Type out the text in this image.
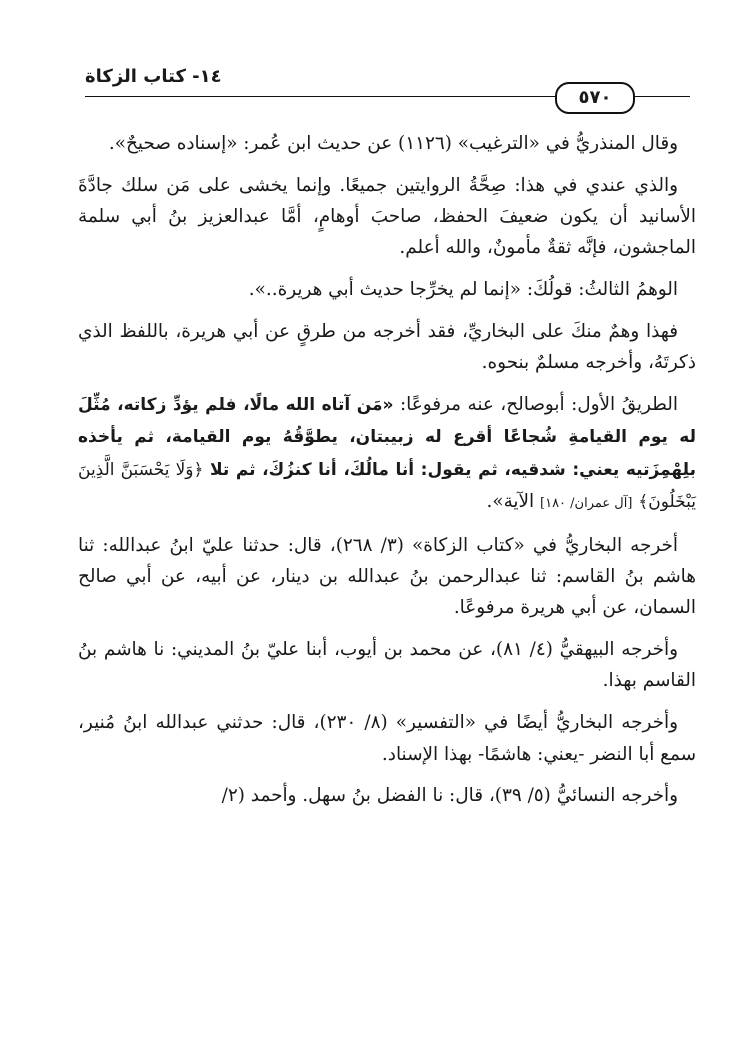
١٤- كتاب الزكاة
٥٧٠

وقال المنذريُّ في «الترغيب» (١١٢٦) عن حديث ابن عُمر: «إسناده صحيحٌ».

والذي عندي في هذا: صِحَّةُ الروايتين جميعًا. وإنما يخشى على مَن سلك جادَّةَ الأسانيد أن يكون ضعيفَ الحفظ، صاحبَ أوهامٍ، أمَّا عبدالعزيز بنُ أبي سلمة الماجشون، فإنَّه ثقةٌ مأمونٌ، والله أعلم.

الوهمُ الثالثُ: قولُكَ: «إنما لم يخرِّجا حديث أبي هريرة..».

فهذا وهمٌ منكَ على البخاريِّ، فقد أخرجه من طرقٍ عن أبي هريرة، باللفظ الذي ذكرتَهُ، وأخرجه مسلمٌ بنحوه.

الطريقُ الأول: أبوصالح، عنه مرفوعًا: «مَن آتاه الله مالًا، فلم يؤدِّ زكاته، مُثِّلَ له يوم القيامةِ شُجاعًا أقرع له زبيبتان، يطوَّقُهُ يوم القيامة، ثم يأخذه بلِهْمِزَتيه يعني: شدقيه، ثم يقول: أنا مالُكَ، أنا كنزُكَ، ثم تلا ﴿وَلَا يَحْسَبَنَّ الَّذِينَ يَبْخَلُونَ﴾ [آل عمران/ ١٨٠] الآية».

أخرجه البخاريُّ في «كتاب الزكاة» (٣/ ٢٦٨)، قال: حدثنا عليّ ابنُ عبدالله: ثنا هاشم بنُ القاسم: ثنا عبدالرحمن بنُ عبدالله بن دينار، عن أبيه، عن أبي صالح السمان، عن أبي هريرة مرفوعًا.

وأخرجه البيهقيُّ (٤/ ٨١)، عن محمد بن أيوب، أبنا عليّ بنُ المديني: نا هاشم بنُ القاسم بهذا.

وأخرجه البخاريُّ أيضًا في «التفسير» (٨/ ٢٣٠)، قال: حدثني عبدالله ابنُ مُنير، سمع أبا النضر -يعني: هاشمًا- بهذا الإسناد.

وأخرجه النسائيُّ (٥/ ٣٩)، قال: نا الفضل بنُ سهل. وأحمد (٢/
